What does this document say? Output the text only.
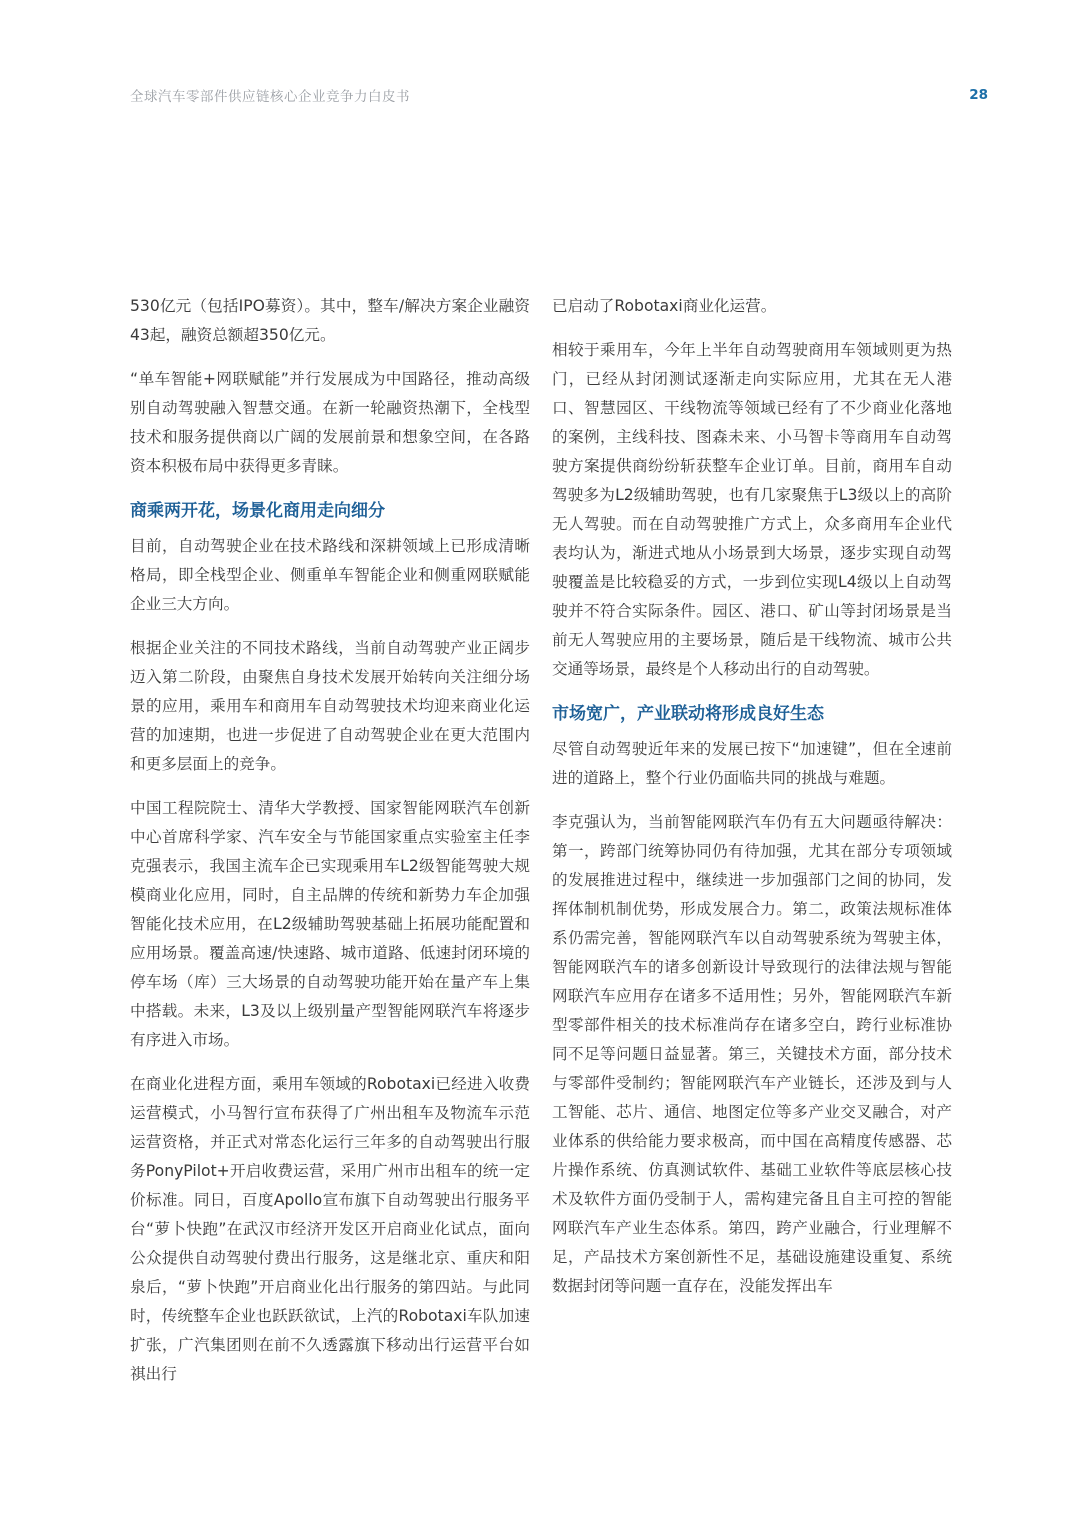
全球汽车零部件供应链核心企业竞争力白皮书	28

530亿元（包括IPO募资）。其中，整车/解决方案企业融资43起，融资总额超350亿元。

“单车智能+网联赋能”并行发展成为中国路径，推动高级别自动驾驶融入智慧交通。在新一轮融资热潮下，全栈型技术和服务提供商以广阔的发展前景和想象空间，在各路资本积极布局中获得更多青睐。

商乘两开花，场景化商用走向细分

目前，自动驾驶企业在技术路线和深耕领域上已形成清晰格局，即全栈型企业、侧重单车智能企业和侧重网联赋能企业三大方向。

根据企业关注的不同技术路线，当前自动驾驶产业正阔步迈入第二阶段，由聚焦自身技术发展开始转向关注细分场景的应用，乘用车和商用车自动驾驶技术均迎来商业化运营的加速期，也进一步促进了自动驾驶企业在更大范围内和更多层面上的竞争。

中国工程院院士、清华大学教授、国家智能网联汽车创新中心首席科学家、汽车安全与节能国家重点实验室主任李克强表示，我国主流车企已实现乘用车L2级智能驾驶大规模商业化应用，同时，自主品牌的传统和新势力车企加强智能化技术应用，在L2级辅助驾驶基础上拓展功能配置和应用场景。覆盖高速/快速路、城市道路、低速封闭环境的停车场（库）三大场景的自动驾驶功能开始在量产车上集中搭载。未来，L3及以上级别量产型智能网联汽车将逐步有序进入市场。

在商业化进程方面，乘用车领域的Robotaxi已经进入收费运营模式，小马智行宣布获得了广州出租车及物流车示范运营资格，并正式对常态化运行三年多的自动驾驶出行服务PonyPilot+开启收费运营，采用广州市出租车的统一定价标准。同日，百度Apollo宣布旗下自动驾驶出行服务平台“萝卜快跑”在武汉市经济开发区开启商业化试点，面向公众提供自动驾驶付费出行服务，这是继北京、重庆和阳泉后，“萝卜快跑”开启商业化出行服务的第四站。与此同时，传统整车企业也跃跃欲试，上汽的Robotaxi车队加速扩张，广汽集团则在前不久透露旗下移动出行运营平台如祺出行

已启动了Robotaxi商业化运营。

相较于乘用车，今年上半年自动驾驶商用车领域则更为热门，已经从封闭测试逐渐走向实际应用，尤其在无人港口、智慧园区、干线物流等领域已经有了不少商业化落地的案例，主线科技、图森未来、小马智卡等商用车自动驾驶方案提供商纷纷斩获整车企业订单。目前，商用车自动驾驶多为L2级辅助驾驶，也有几家聚焦于L3级以上的高阶无人驾驶。而在自动驾驶推广方式上，众多商用车企业代表均认为，渐进式地从小场景到大场景，逐步实现自动驾驶覆盖是比较稳妥的方式，一步到位实现L4级以上自动驾驶并不符合实际条件。园区、港口、矿山等封闭场景是当前无人驾驶应用的主要场景，随后是干线物流、城市公共交通等场景，最终是个人移动出行的自动驾驶。

市场宽广，产业联动将形成良好生态

尽管自动驾驶近年来的发展已按下“加速键”，但在全速前进的道路上，整个行业仍面临共同的挑战与难题。

李克强认为，当前智能网联汽车仍有五大问题亟待解决：第一，跨部门统筹协同仍有待加强，尤其在部分专项领域的发展推进过程中，继续进一步加强部门之间的协同，发挥体制机制优势，形成发展合力。第二，政策法规标准体系仍需完善，智能网联汽车以自动驾驶系统为驾驶主体，智能网联汽车的诸多创新设计导致现行的法律法规与智能网联汽车应用存在诸多不适用性；另外，智能网联汽车新型零部件相关的技术标准尚存在诸多空白，跨行业标准协同不足等问题日益显著。第三，关键技术方面，部分技术与零部件受制约；智能网联汽车产业链长，还涉及到与人工智能、芯片、通信、地图定位等多产业交叉融合，对产业体系的供给能力要求极高，而中国在高精度传感器、芯片操作系统、仿真测试软件、基础工业软件等底层核心技术及软件方面仍受制于人，需构建完备且自主可控的智能网联汽车产业生态体系。第四，跨产业融合，行业理解不足，产品技术方案创新性不足，基础设施建设重复、系统数据封闭等问题一直存在，没能发挥出车
